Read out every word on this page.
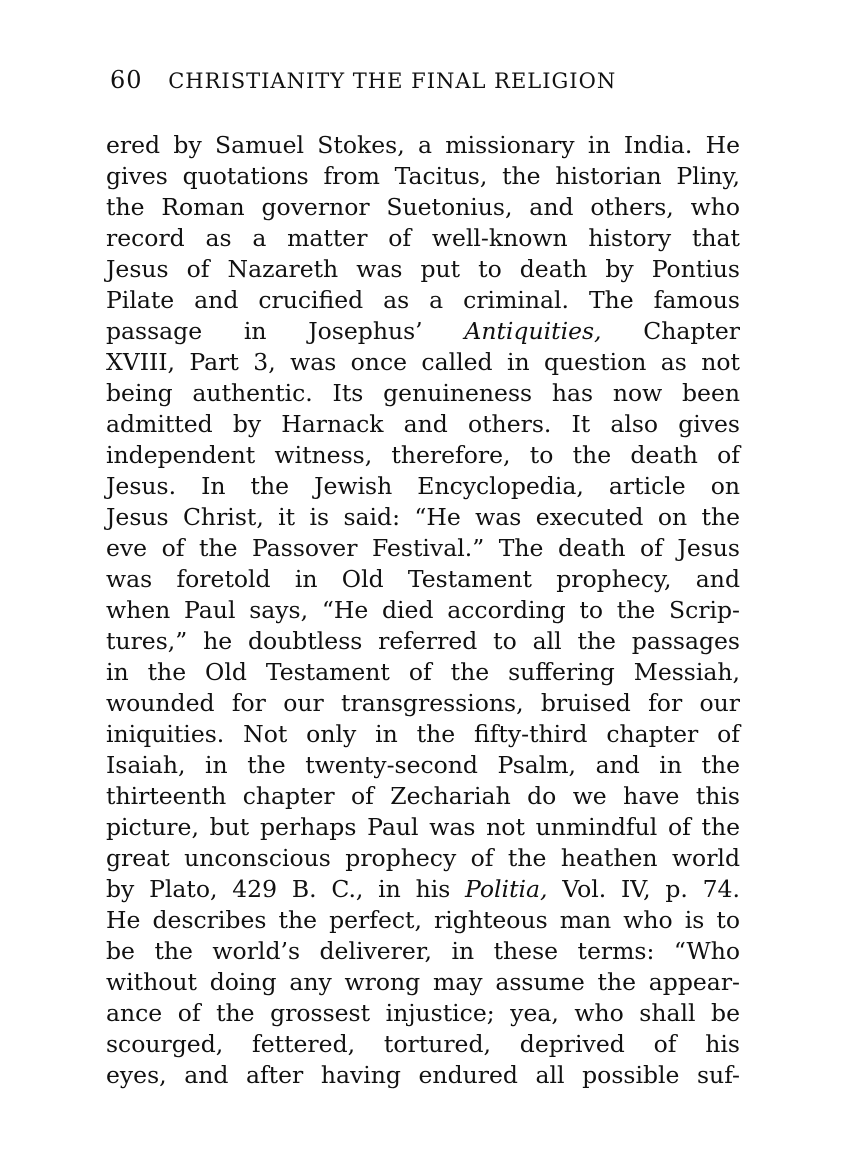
60 CHRISTIANITY THE FINAL RELIGION
ered by Samuel Stokes, a missionary in India. He
gives quotations from Tacitus, the historian Pliny,
the Roman governor Suetonius, and others, who
record as a matter of well-known history that
Jesus of Nazareth was put to death by Pontius
Pilate and crucified as a criminal. The famous
passage in Josephus’ Antiquities, Chapter
XVIII, Part 3, was once called in question as not
being authentic. Its genuineness has now been
admitted by Harnack and others. It also gives
independent witness, therefore, to the death of
Jesus. In the Jewish Encyclopedia, article on
Jesus Christ, it is said: “He was executed on the
eve of the Passover Festival.” The death of Jesus
was foretold in Old Testament prophecy, and
when Paul says, “He died according to the Scrip-
tures,” he doubtless referred to all the passages
in the Old Testament of the suffering Messiah,
wounded for our transgressions, bruised for our
iniquities. Not only in the fifty-third chapter of
Isaiah, in the twenty-second Psalm, and in the
thirteenth chapter of Zechariah do we have this
picture, but perhaps Paul was not unmindful of the
great unconscious prophecy of the heathen world
by Plato, 429 B. C., in his Politia, Vol. IV, p. 74.
He describes the perfect, righteous man who is to
be the world’s deliverer, in these terms: “Who
without doing any wrong may assume the appear-
ance of the grossest injustice; yea, who shall be
scourged, fettered, tortured, deprived of his
eyes, and after having endured all possible suf-
